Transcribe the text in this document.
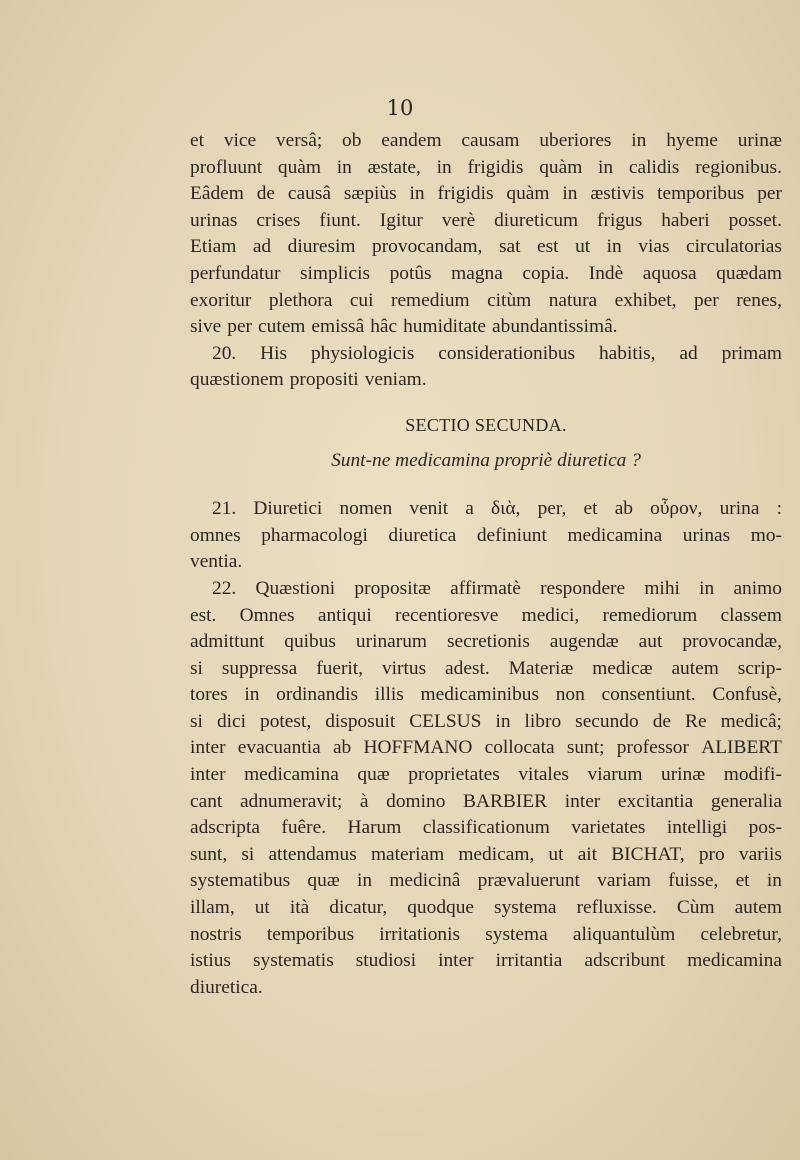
10
et vice versâ; ob eandem causam uberiores in hyeme urinæ
profluunt quàm in æstate, in frigidis quàm in calidis regionibus.
Eâdem de causâ sæpiùs in frigidis quàm in æstivis temporibus per
urinas crises fiunt. Igitur verè diureticum frigus haberi posset.
Etiam ad diuresim provocandam, sat est ut in vias circulatorias
perfundatur simplicis potûs magna copia. Indè aquosa quædam
exoritur plethora cui remedium citùm natura exhibet, per renes,
sive per cutem emissâ hâc humiditate abundantissimâ.
20. His physiologicis considerationibus habitis, ad primam
quæstionem propositi veniam.
SECTIO SECUNDA.
Sunt-ne medicamina propriè diuretica ?
21. Diuretici nomen venit a διὰ, per, et ab οὖρον, urina :
omnes pharmacologi diuretica definiunt medicamina urinas mo-
ventia.
22. Quæstioni propositæ affirmatè respondere mihi in animo
est. Omnes antiqui recentioresve medici, remediorum classem
admittunt quibus urinarum secretionis augendæ aut provocandæ,
si suppressa fuerit, virtus adest. Materiæ medicæ autem scrip-
tores in ordinandis illis medicaminibus non consentiunt. Confusè,
si dici potest, disposuit CELSUS in libro secundo de Re medicâ;
inter evacuantia ab HOFFMANO collocata sunt; professor ALIBERT
inter medicamina quæ proprietates vitales viarum urinæ modifi-
cant adnumeravit; à domino BARBIER inter excitantia generalia
adscripta fuêre. Harum classificationum varietates intelligi pos-
sunt, si attendamus materiam medicam, ut ait BICHAT, pro variis
systematibus quæ in medicinâ prævaluerunt variam fuisse, et in
illam, ut ità dicatur, quodque systema refluxisse. Cùm autem
nostris temporibus irritationis systema aliquantulùm celebretur,
istius systematis studiosi inter irritantia adscribunt medicamina
diuretica.
